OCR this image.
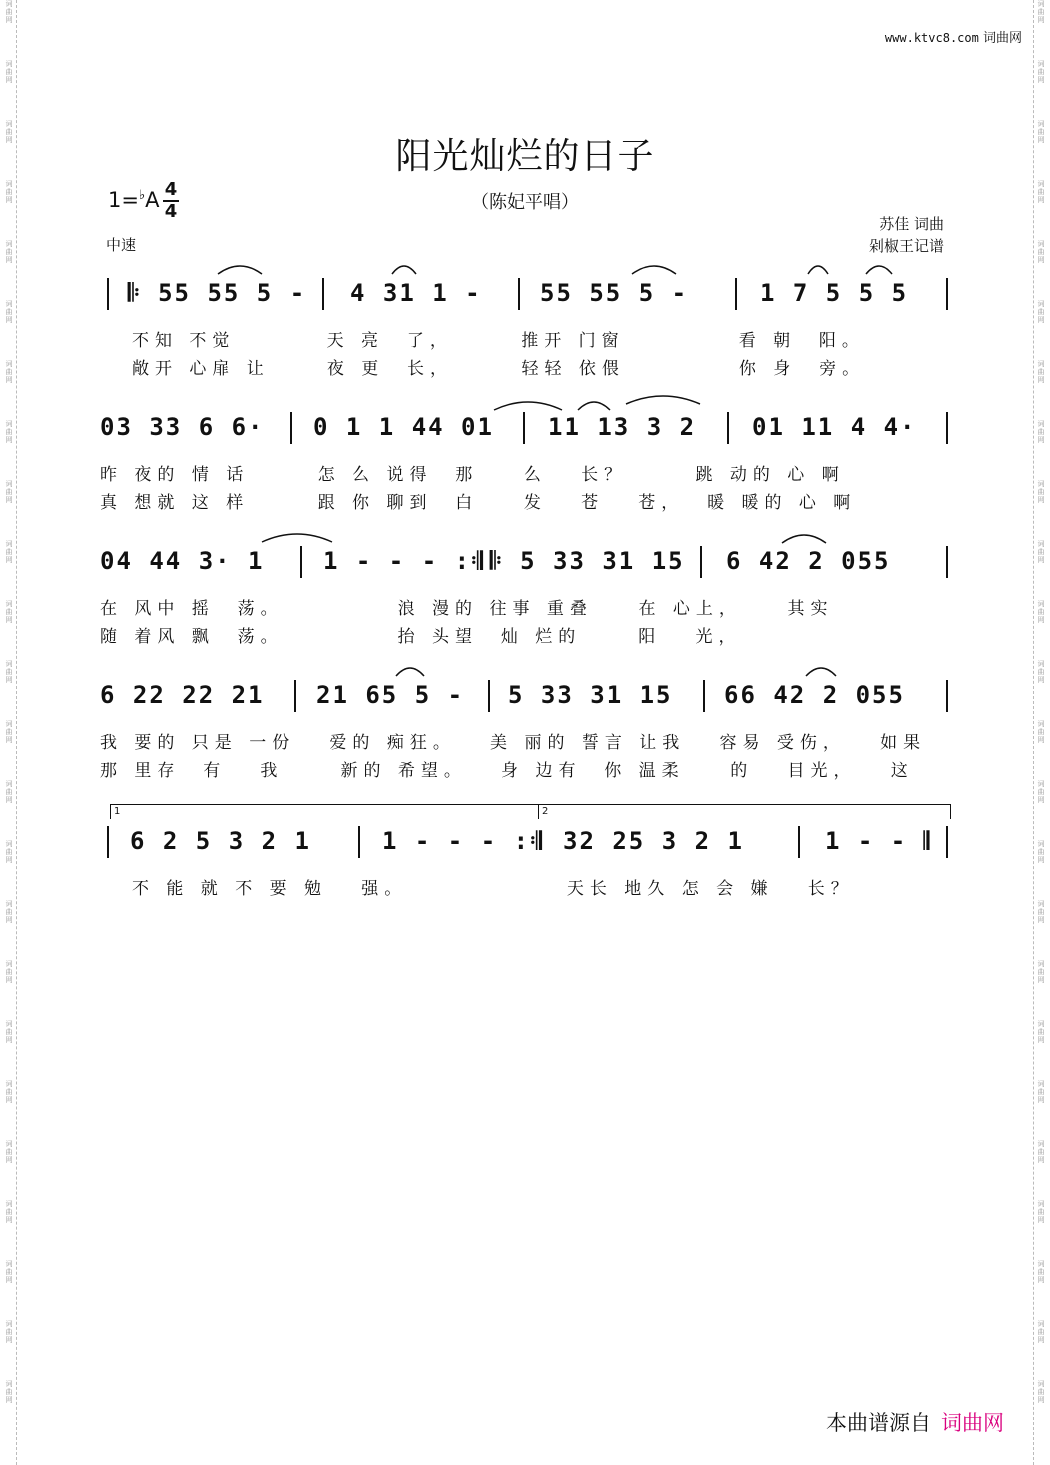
词
曲
网
词
曲
网
词
曲
网
词
曲
网
词
曲
网
词
曲
网
词
曲
网
词
曲
网
词
曲
网
词
曲
网
词
曲
网
词
曲
网
词
曲
网
词
曲
网
词
曲
网
词
曲
网
词
曲
网
词
曲
网
词
曲
网
词
曲
网
词
曲
网
词
曲
网
词
曲
网
词
曲
网
词
曲
网
词
曲
网
词
曲
网
词
曲
网
词
曲
网
词
曲
网
词
曲
网
词
曲
网
词
曲
网
词
曲
网
词
曲
网
词
曲
网
词
曲
网
词
曲
网
词
曲
网
词
曲
网
词
曲
网
词
曲
网
词
曲
网
词
曲
网
词
曲
网
词
曲
网
词
曲
网
词
曲
网
www.ktvc8.com 词曲网
阳光灿烂的日子
（陈妃平唱）
1=♭A 4
4
中速
苏佳 词曲
剁椒王记谱
𝄆 55 55 5 - 4 31 1 - 55 55 5 -	1 7 5 5 5
不知 不觉        天 亮  了，      推开 门窗          看 朝  阳。
敞开 心扉 让     夜 更  长，      轻轻 依偎          你 身  旁。
03 33 6 6· 0 1 1 44 01 11 13 3 2 01 11 4 4·
昨 夜的 情 话      怎 么 说得  那    么   长？      跳 动的 心 啊
真 想就 这 样      跟 你 聊到  白    发   苍   苍，  暖 暖的 心 啊
04 44 3· 1 1 - - - :𝄇 𝄆 5 33 31 15 6 42 2 055
在 风中 摇  荡。          浪 漫的 往事 重叠    在 心上，    其实
随 着风 飘  荡。          抬 头望  灿 烂的     阳   光，
6 22 22 21 21 65 5 - 5 33 31 15 66 42 2 055
我 要的 只是 一份   爱的 痴狂。   美 丽的 誓言 让我   容易 受伤，   如果
那 里存  有   我     新的 希望。   身 边有  你 温柔    的   目光，   这
6 2 5 3 2 1	1 - - - :𝄇 32 25 3 2 1	1 - - 𝄂
1	2
不 能 就 不 要 勉   强。              天长 地久 怎 会 嫌   长？
本曲谱源自 词曲网
